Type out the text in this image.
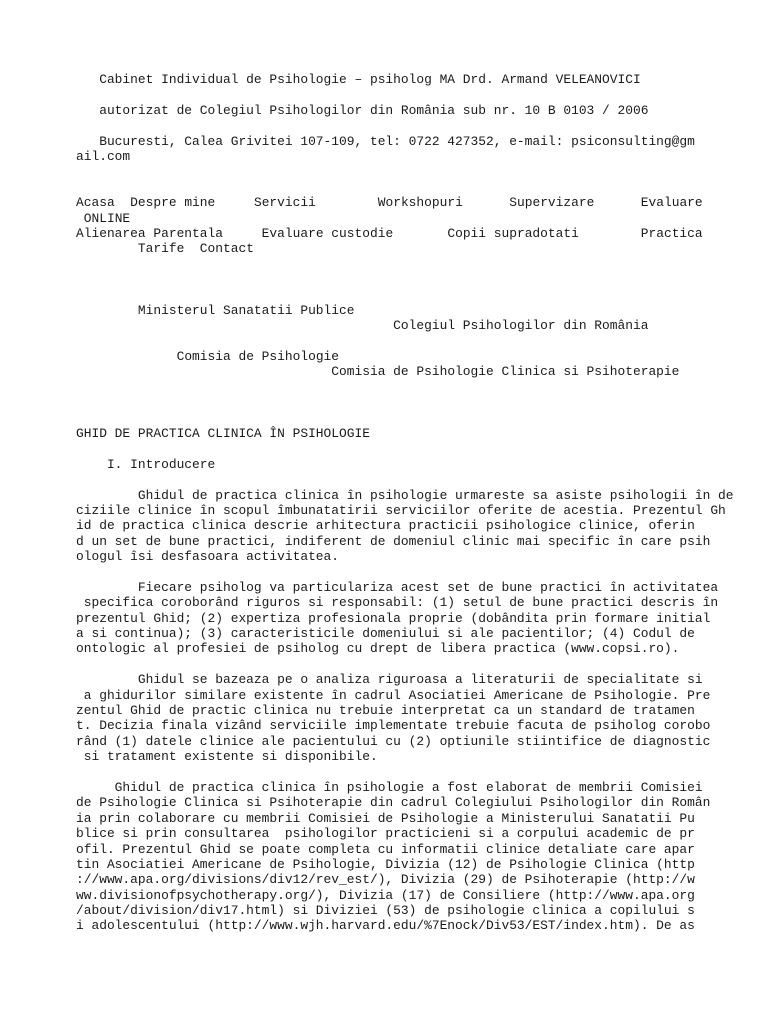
Cabinet Individual de Psihologie – psiholog MA Drd. Armand VELEANOVICI
autorizat de Colegiul Psihologilor din România sub nr. 10 B 0103 / 2006
Bucuresti, Calea Grivitei 107-109, tel: 0722 427352, e-mail: psiconsulting@gm
ail.com
Acasa Despre mine	Servicii	Workshopuri	Supervizare	Evaluare
ONLINE
Alienarea Parentala	Evaluare custodie	Copii supradotati	Practica
Tarife Contact
Ministerul Sanatatii Publice
Colegiul Psihologilor din România
Comisia de Psihologie
Comisia de Psihologie Clinica si Psihoterapie
GHID DE PRACTICA CLINICA ÎN PSIHOLOGIE
I. Introducere
Ghidul de practica clinica în psihologie urmareste sa asiste psihologii în de
ciziile clinice în scopul îmbunatatirii serviciilor oferite de acestia. Prezentul Gh
id de practica clinica descrie arhitectura practicii psihologice clinice, oferin
d un set de bune practici, indiferent de domeniul clinic mai specific în care psih
ologul îsi desfasoara activitatea.
Fiecare psiholog va particulariza acest set de bune practici în activitatea
specifica coroborând riguros si responsabil: (1) setul de bune practici descris în
prezentul Ghid; (2) expertiza profesionala proprie (dobândita prin formare initial
a si continua); (3) caracteristicile domeniului si ale pacientilor; (4) Codul de
ontologic al profesiei de psiholog cu drept de libera practica (www.copsi.ro).
Ghidul se bazeaza pe o analiza riguroasa a literaturii de specialitate si
a ghidurilor similare existente în cadrul Asociatiei Americane de Psihologie. Pre
zentul Ghid de practic clinica nu trebuie interpretat ca un standard de tratamen
t. Decizia finala vizând serviciile implementate trebuie facuta de psiholog corobo
rând (1) datele clinice ale pacientului cu (2) optiunile stiintifice de diagnostic
si tratament existente si disponibile.
Ghidul de practica clinica în psihologie a fost elaborat de membrii Comisiei
de Psihologie Clinica si Psihoterapie din cadrul Colegiului Psihologilor din Român
ia prin colaborare cu membrii Comisiei de Psihologie a Ministerului Sanatatii Pu
blice si prin consultarea  psihologilor practicieni si a corpului academic de pr
ofil. Prezentul Ghid se poate completa cu informatii clinice detaliate care apar
tin Asociatiei Americane de Psihologie, Divizia (12) de Psihologie Clinica (http
://www.apa.org/divisions/div12/rev_est/), Divizia (29) de Psihoterapie (http://w
ww.divisionofpsychotherapy.org/), Divizia (17) de Consiliere (http://www.apa.org
/about/division/div17.html) si Diviziei (53) de psihologie clinica a copilului s
i adolescentului (http://www.wjh.harvard.edu/%7Enock/Div53/EST/index.htm). De as
